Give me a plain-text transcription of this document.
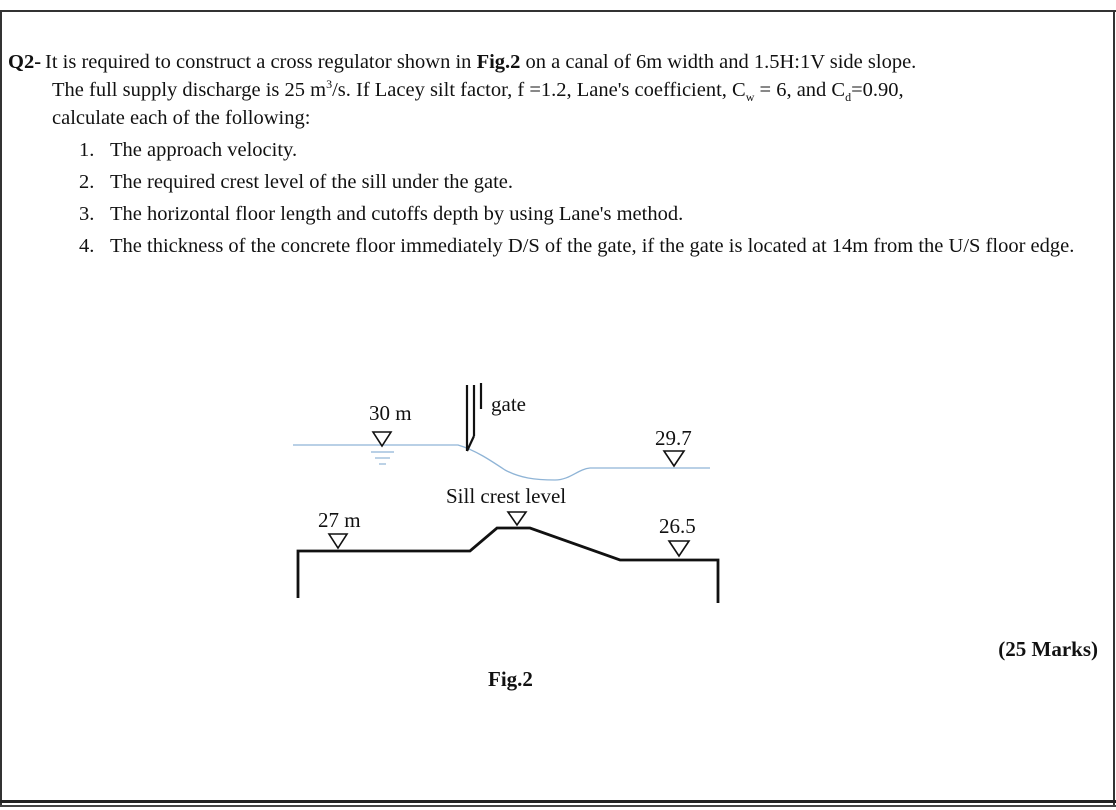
Q2- It is required to construct a cross regulator shown in Fig.2 on a canal of 6m width and 1.5H:1V side slope.
The full supply discharge is 25 $m^3/s$. If Lacey silt factor, f =1.2, Lane's coefficient, $C_w = 6$, and $C_d=0.90$,
calculate each of the following:
1. The approach velocity.
2. The required crest level of the sill under the gate.
3. The horizontal floor length and cutoffs depth by using Lane's method.
4. The thickness of the concrete floor immediately D/S of the gate, if the gate is located at 14m from the U/S floor edge.
gate
30 m
29.7
Sill crest level
27 m	26.5
Fig.2
(25 Marks)
